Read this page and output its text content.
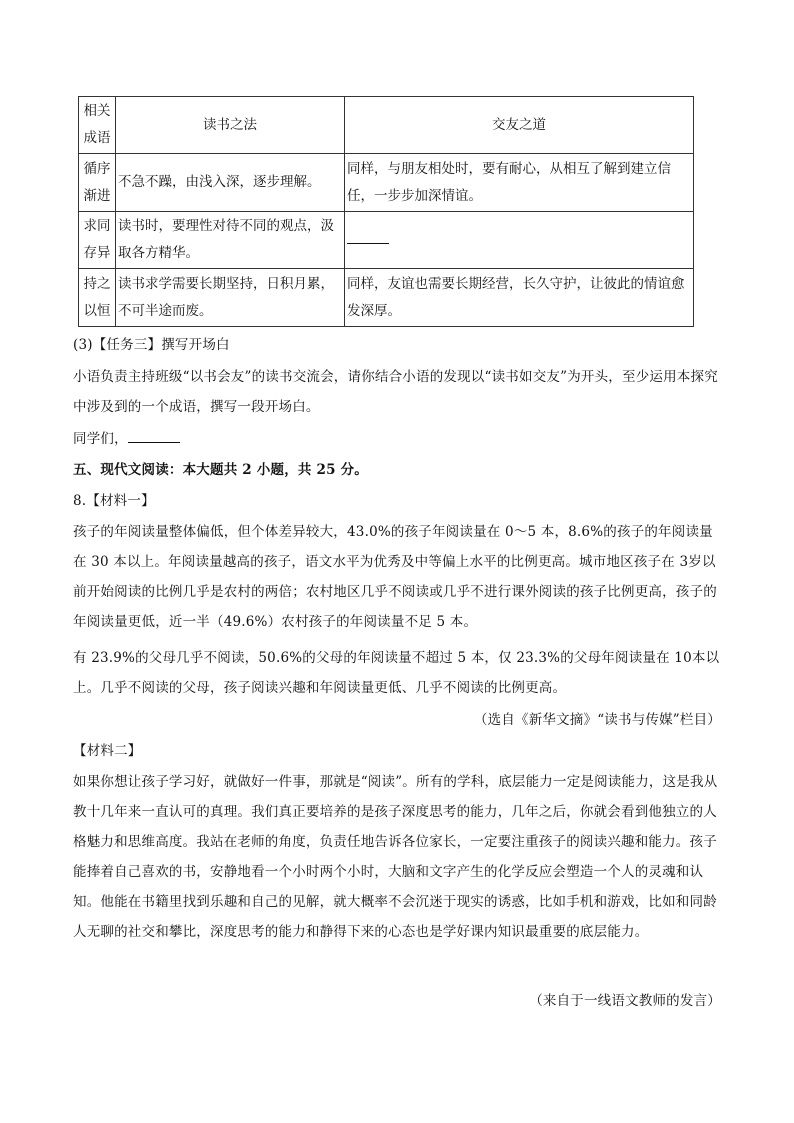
相关成语	读书之法	交友之道
循序渐进	不急不躁，由浅入深，逐步理解。	同样，与朋友相处时，要有耐心，从相互了解到建立信任，一步步加深情谊。
求同存异	读书时，要理性对待不同的观点，汲取各方精华。	
持之以恒	读书求学需要长期坚持，日积月累，不可半途而废。	同样，友谊也需要长期经营，长久守护，让彼此的情谊愈发深厚。
(3)【任务三】撰写开场白
小语负责主持班级“以书会友”的读书交流会，请你结合小语的发现以“读书如交友”为开头，至少运用本探究中涉及到的一个成语，撰写一段开场白。
同学们，
五、现代文阅读：本大题共 2 小题，共 25 分。
8.【材料一】
孩子的年阅读量整体偏低，但个体差异较大，43.0%的孩子年阅读量在 0～5 本，8.6%的孩子的年阅读量在 30 本以上。年阅读量越高的孩子，语文水平为优秀及中等偏上水平的比例更高。城市地区孩子在 3岁以前开始阅读的比例几乎是农村的两倍；农村地区几乎不阅读或几乎不进行课外阅读的孩子比例更高，孩子的年阅读量更低，近一半（49.6%）农村孩子的年阅读量不足 5 本。
有 23.9%的父母几乎不阅读，50.6%的父母的年阅读量不超过 5 本，仅 23.3%的父母年阅读量在 10本以上。几乎不阅读的父母，孩子阅读兴趣和年阅读量更低、几乎不阅读的比例更高。
（选自《新华文摘》“读书与传媒”栏目）
【材料二】
如果你想让孩子学习好，就做好一件事，那就是“阅读”。所有的学科，底层能力一定是阅读能力，这是我从教十几年来一直认可的真理。我们真正要培养的是孩子深度思考的能力，几年之后，你就会看到他独立的人格魅力和思维高度。我站在老师的角度，负责任地告诉各位家长，一定要注重孩子的阅读兴趣和能力。孩子能捧着自己喜欢的书，安静地看一个小时两个小时，大脑和文字产生的化学反应会塑造一个人的灵魂和认知。他能在书籍里找到乐趣和自己的见解，就大概率不会沉迷于现实的诱惑，比如手机和游戏，比如和同龄人无聊的社交和攀比，深度思考的能力和静得下来的心态也是学好课内知识最重要的底层能力。
（来自于一线语文教师的发言）
